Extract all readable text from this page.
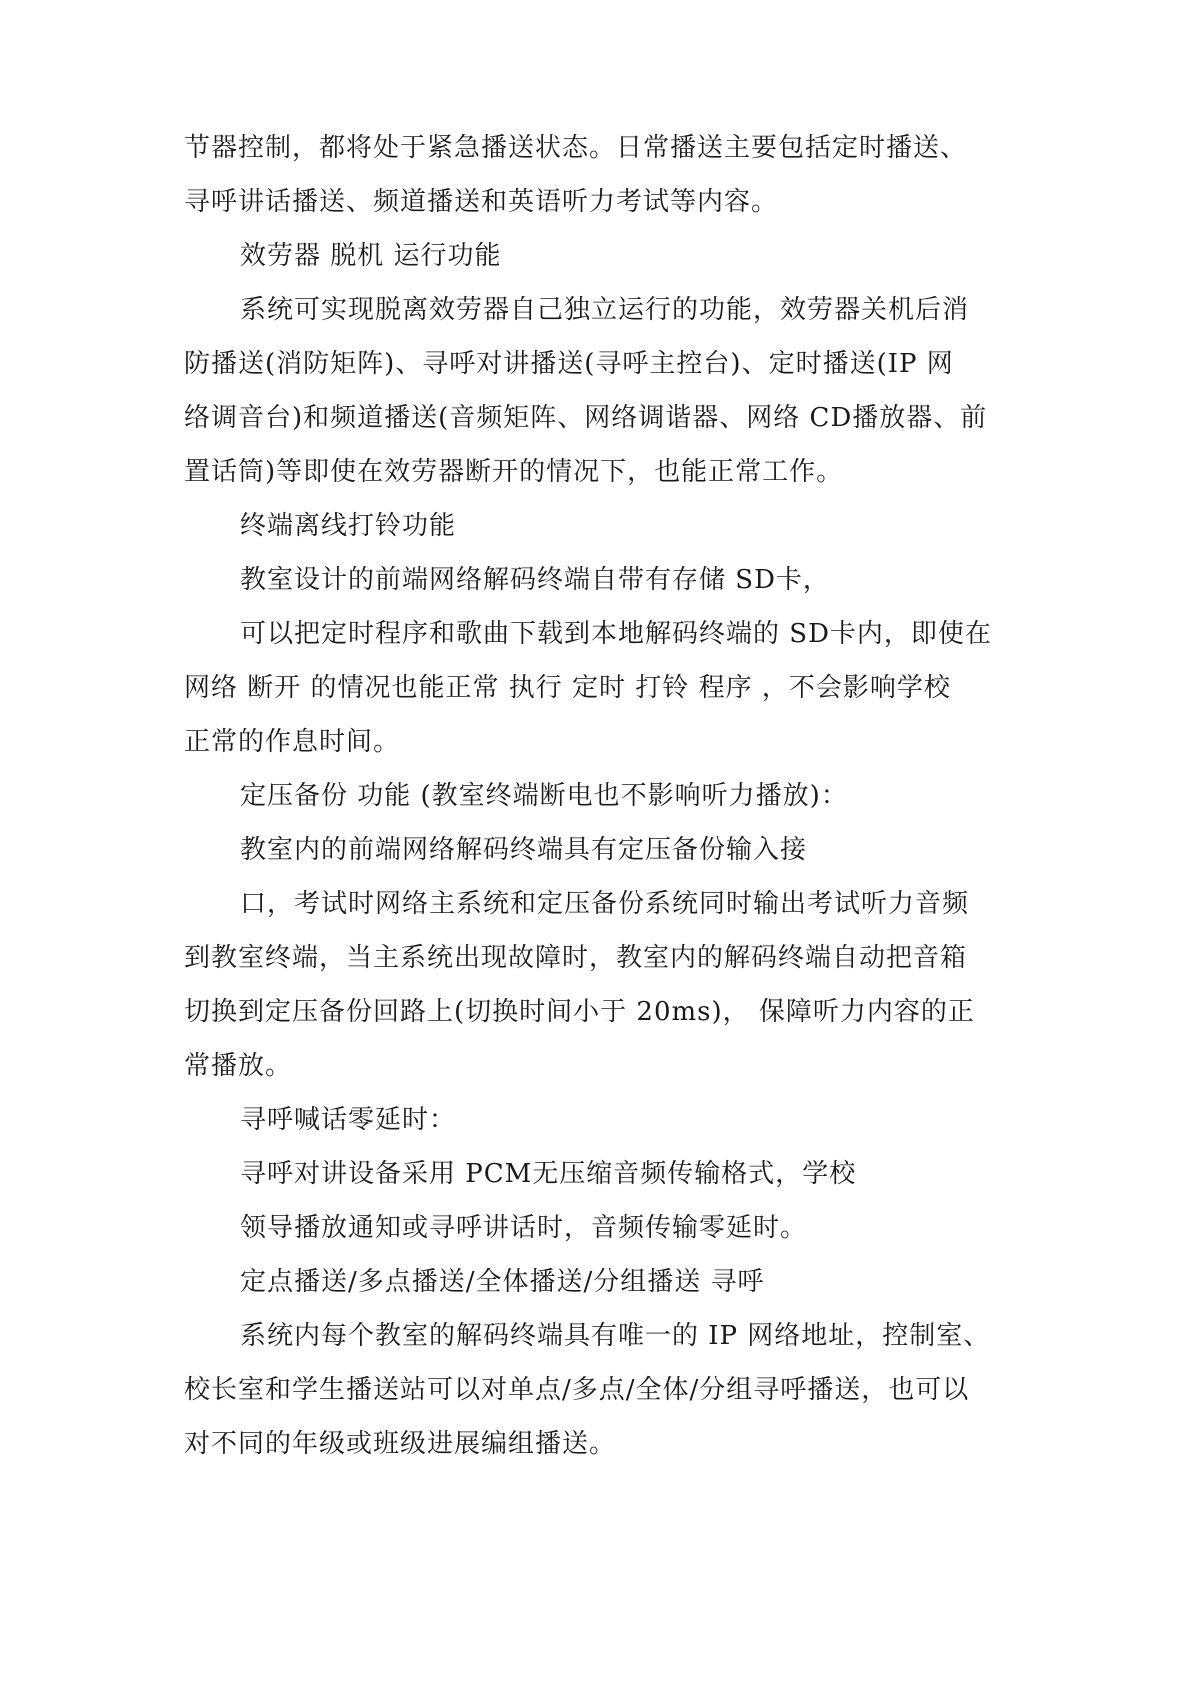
节器控制，都将处于紧急播送状态。日常播送主要包括定时播送、
寻呼讲话播送、频道播送和英语听力考试等内容。
效劳器 脱机 运行功能
系统可实现脱离效劳器自己独立运行的功能，效劳器关机后消
防播送(消防矩阵)、寻呼对讲播送(寻呼主控台)、定时播送(IP 网
络调音台)和频道播送(音频矩阵、网络调谐器、网络 CD播放器、前
置话筒)等即使在效劳器断开的情况下，也能正常工作。
终端离线打铃功能
教室设计的前端网络解码终端自带有存储 SD卡，
可以把定时程序和歌曲下载到本地解码终端的 SD卡内，即使在
网络 断开 的情况也能正常 执行 定时 打铃 程序 ，不会影响学校
正常的作息时间。
定压备份 功能 (教室终端断电也不影响听力播放)：
教室内的前端网络解码终端具有定压备份输入接
口，考试时网络主系统和定压备份系统同时输出考试听力音频
到教室终端，当主系统出现故障时，教室内的解码终端自动把音箱
切换到定压备份回路上(切换时间小于 20ms)， 保障听力内容的正
常播放。
寻呼喊话零延时：
寻呼对讲设备采用 PCM无压缩音频传输格式，学校
领导播放通知或寻呼讲话时，音频传输零延时。
定点播送/多点播送/全体播送/分组播送 寻呼
系统内每个教室的解码终端具有唯一的 IP 网络地址，控制室、
校长室和学生播送站可以对单点/多点/全体/分组寻呼播送，也可以
对不同的年级或班级进展编组播送。
